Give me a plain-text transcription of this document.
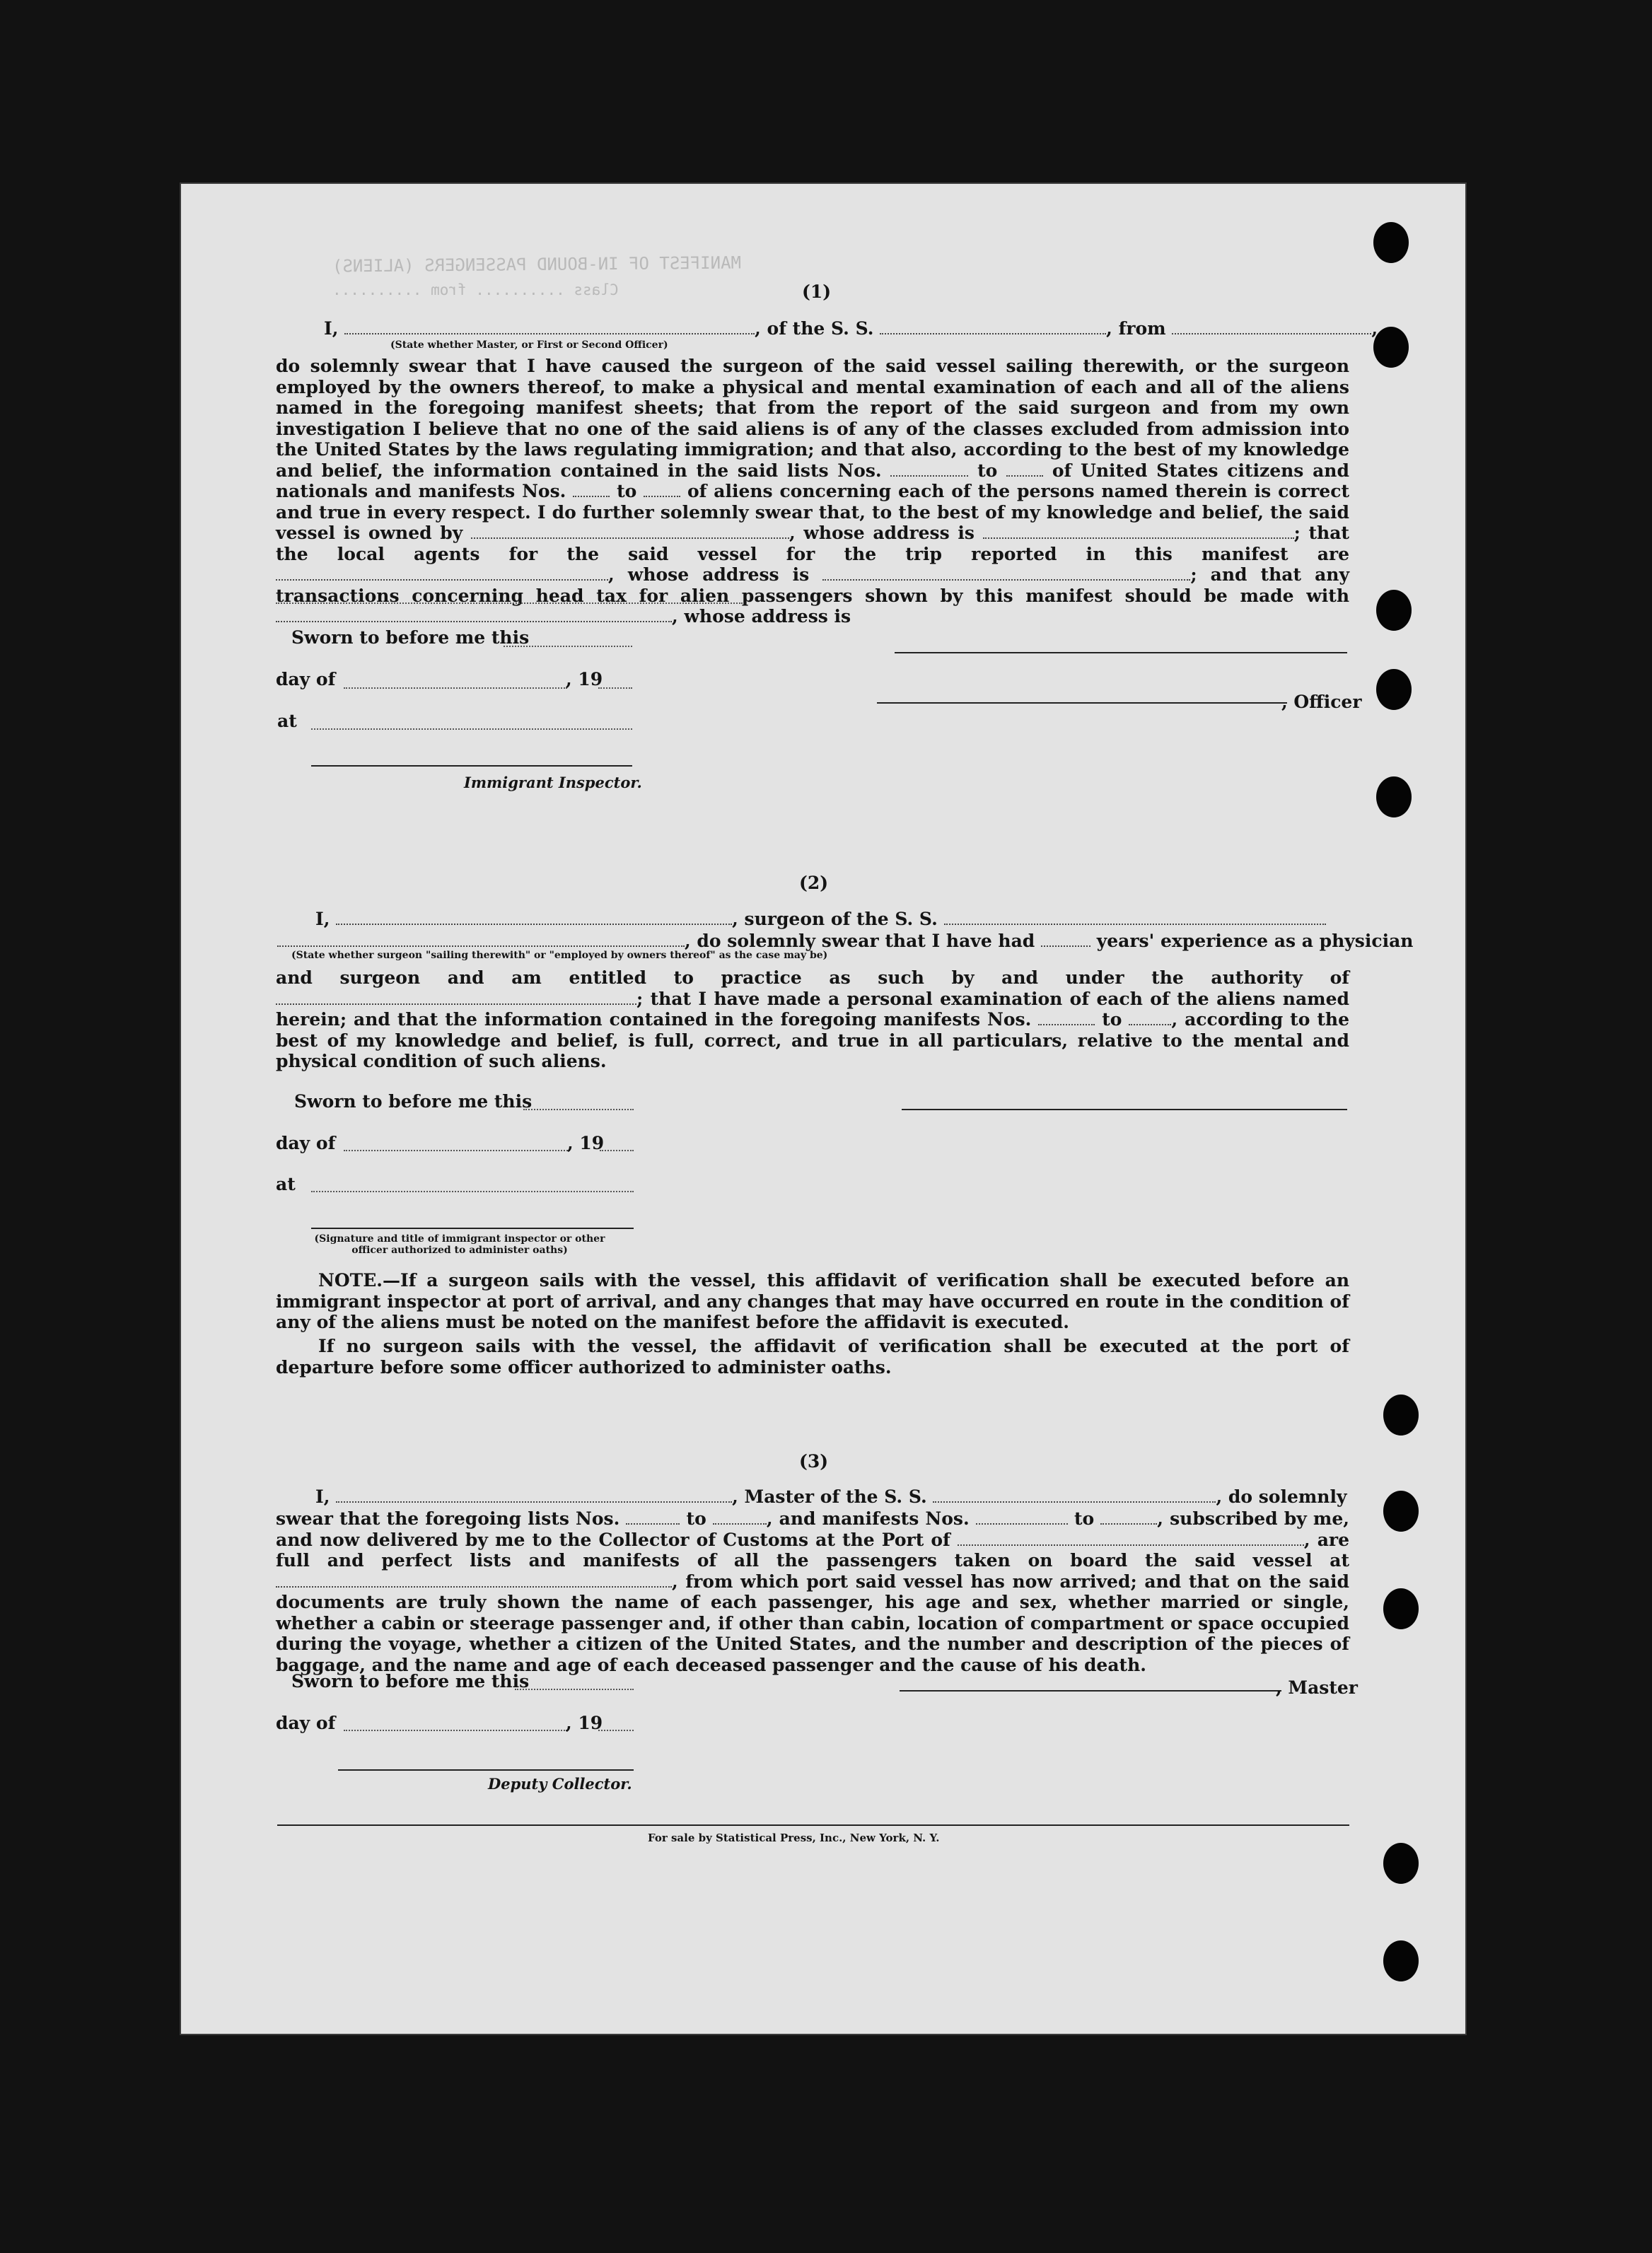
MANIFEST OF IN-BOUND PASSENGERS (ALIENS)
Class .......... from ..........	(1)
I,	, of the S. S.	, from	,
(State whether Master, or First or Second Officer)
do solemnly swear that I have caused the surgeon of the said vessel sailing therewith, or the surgeon employed by the owners thereof, to make a physical and mental examination of each and all of the aliens named in the foregoing manifest sheets; that from the report of the said surgeon and from my own investigation I believe that no one of the said aliens is of any of the classes excluded from admission into the United States by the laws regulating immigration; and that also, according to the best of my knowledge and belief, the information contained in the said lists Nos.	to	of United States citizens and nationals and manifests Nos.	to	of aliens concerning each of the persons named therein is correct and true in every respect. I do further solemnly swear that, to the best of my knowledge and belief, the said vessel is owned by	, whose address is	; that the local agents for the said vessel for the trip reported in this manifest are , whose address is	; and that any transactions concerning head tax for alien passengers shown by this manifest should be made with , whose address is
Sworn to before me this
day of	, 19
, Officer
at
Immigrant Inspector.
(2)
I,	, surgeon of the S. S.
, do solemnly swear that I have had	years' experience as a physician
(State whether surgeon "sailing therewith" or "employed by owners thereof" as the case may be)
and surgeon and am entitled to practice as such by and under the authority of ; that I have made a personal examination of each of the aliens named herein; and that the information contained in the foregoing manifests Nos.	to	, according to the best of my knowledge and belief, is full, correct, and true in all particulars, relative to the mental and physical condition of such aliens.
Sworn to before me this
day of	, 19
at
(Signature and title of immigrant inspector or other officer authorized to administer oaths)
NOTE.—If a surgeon sails with the vessel, this affidavit of verification shall be executed before an immigrant inspector at port of arrival, and any changes that may have occurred en route in the condition of any of the aliens must be noted on the manifest before the affidavit is executed.
If no surgeon sails with the vessel, the affidavit of verification shall be executed at the port of departure before some officer authorized to administer oaths.
(3)
I,	, Master of the S. S.	, do solemnly
swear that the foregoing lists Nos.	to	, and manifests Nos.	to	, subscribed by me, and now delivered by me to the Collector of Customs at the Port of	, are full and perfect lists and manifests of all the passengers taken on board the said vessel at , from which port said vessel has now arrived; and that on the said documents are truly shown the name of each passenger, his age and sex, whether married or single, whether a cabin or steerage passenger and, if other than cabin, location of compartment or space occupied during the voyage, whether a citizen of the United States, and the number and description of the pieces of baggage, and the name and age of each deceased passenger and the cause of his death.
Sworn to before me this	, Master
day of	, 19
Deputy Collector.
For sale by Statistical Press, Inc., New York, N. Y.
